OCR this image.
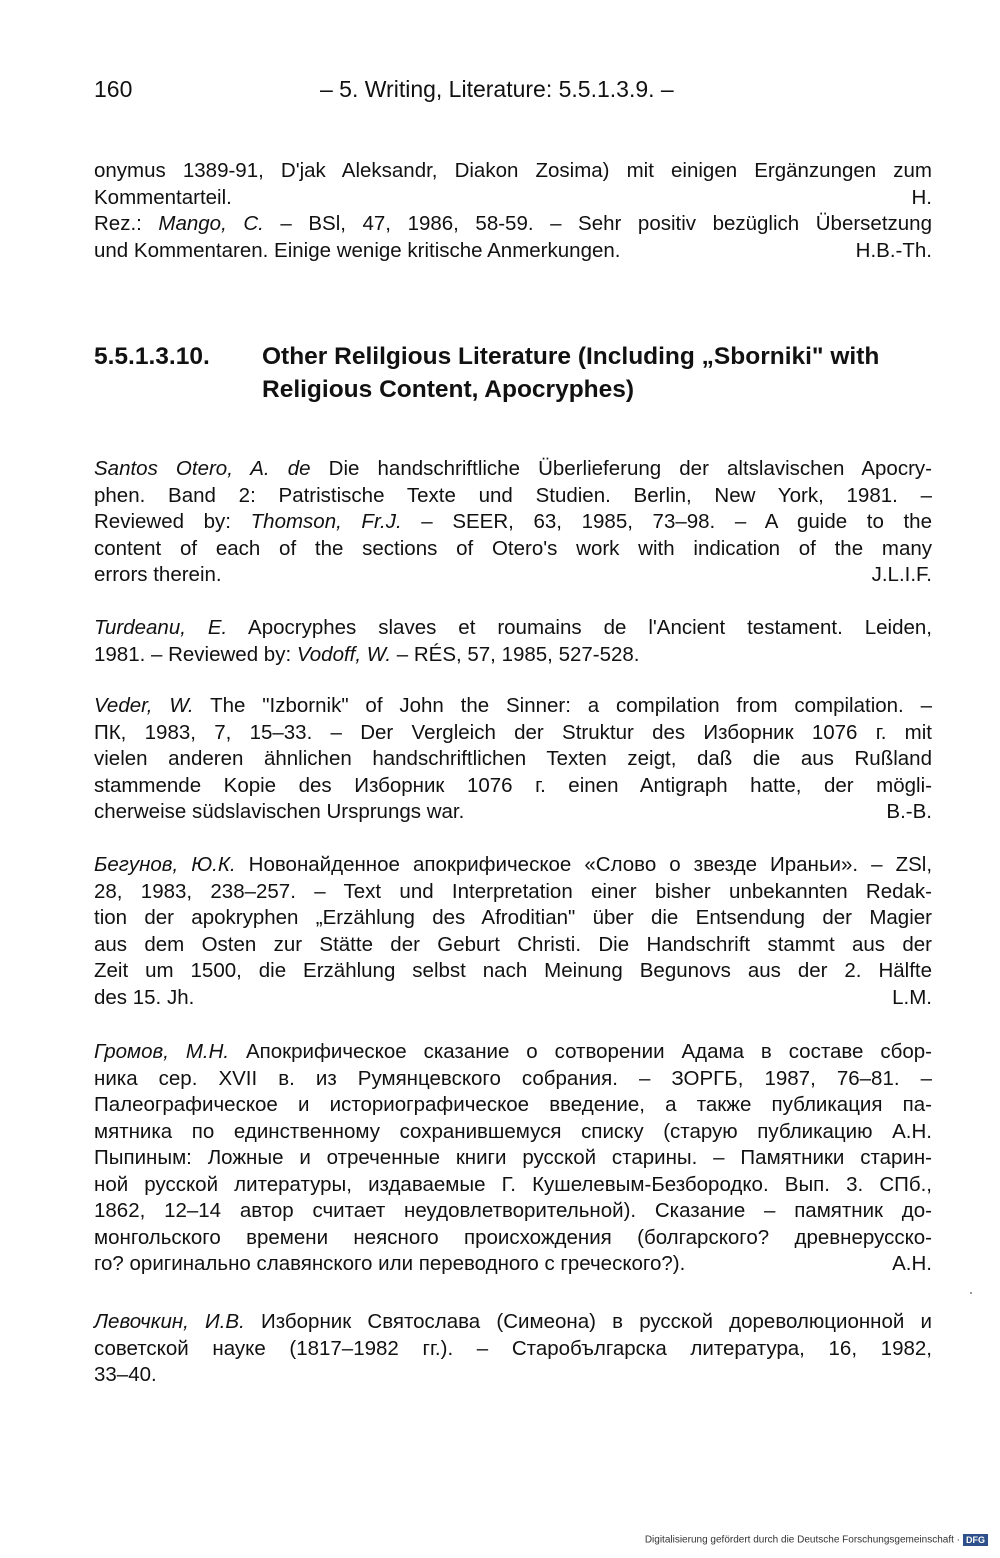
160	– 5. Writing, Literature: 5.5.1.3.9. –
onymus 1389-91, D'jak Aleksandr, Diakon Zosima) mit einigen Ergänzungen zum
Kommentarteil.	H.
Rez.: Mango, C. – BSl, 47, 1986, 58-59. – Sehr positiv bezüglich Übersetzung
und Kommentaren. Einige wenige kritische Anmerkungen.	H.B.-Th.
5.5.1.3.10. Other Relilgious Literature (Including „Sborniki" with
Religious Content, Apocryphes)
Santos Otero, A. de Die handschriftliche Überlieferung der altslavischen Apocry-
phen. Band 2: Patristische Texte und Studien. Berlin, New York, 1981. –
Reviewed by: Thomson, Fr.J. – SEER, 63, 1985, 73–98. – A guide to the
content of each of the sections of Otero's work with indication of the many
errors therein.	J.L.I.F.
Turdeanu, E. Apocryphes slaves et roumains de l'Ancient testament. Leiden,
1981. – Reviewed by: Vodoff, W. – RÉS, 57, 1985, 527-528.
Veder, W. The "Izbornik" of John the Sinner: a compilation from compilation. –
ПК, 1983, 7, 15–33. – Der Vergleich der Struktur des Изборник 1076 г. mit
vielen anderen ähnlichen handschriftlichen Texten zeigt, daß die aus Rußland
stammende Kopie des Изборник 1076 г. einen Antigraph hatte, der mögli-
cherweise südslavischen Ursprungs war.	B.-B.
Бегунов, Ю.К. Новонайденное апокрифическое «Слово о звезде Ираньи». – ZSl,
28, 1983, 238–257. – Text und Interpretation einer bisher unbekannten Redak-
tion der apokryphen „Erzählung des Afroditian" über die Entsendung der Magier
aus dem Osten zur Stätte der Geburt Christi. Die Handschrift stammt aus der
Zeit um 1500, die Erzählung selbst nach Meinung Begunovs aus der 2. Hälfte
des 15. Jh.	L.M.
Громов, М.Н. Апокрифическое сказание о сотворении Адама в составе сбор-
ника сер. XVII в. из Румянцевского собрания. – ЗОРГБ, 1987, 76–81. –
Палеографическое и историографическое введение, а также публикация па-
мятника по единственному сохранившемуся списку (старую публикацию А.Н.
Пыпиным: Ложные и отреченные книги русской старины. – Памятники старин-
ной русской литературы, издаваемые Г. Кушелевым-Безбородко. Вып. 3. СПб.,
1862, 12–14 автор считает неудовлетворительной). Сказание – памятник до-
монгольского времени неясного происхождения (болгарского? древнерусско-
го? оригинально славянского или переводного с греческого?).	А.Н.
Левочкин, И.В. Изборник Святослава (Симеона) в русской дореволюционной и
советской науке (1817–1982 гг.). – Старобългарска литература, 16, 1982,
33–40.
Digitalisierung gefördert durch die Deutsche Forschungsgemeinschaft · DFG
